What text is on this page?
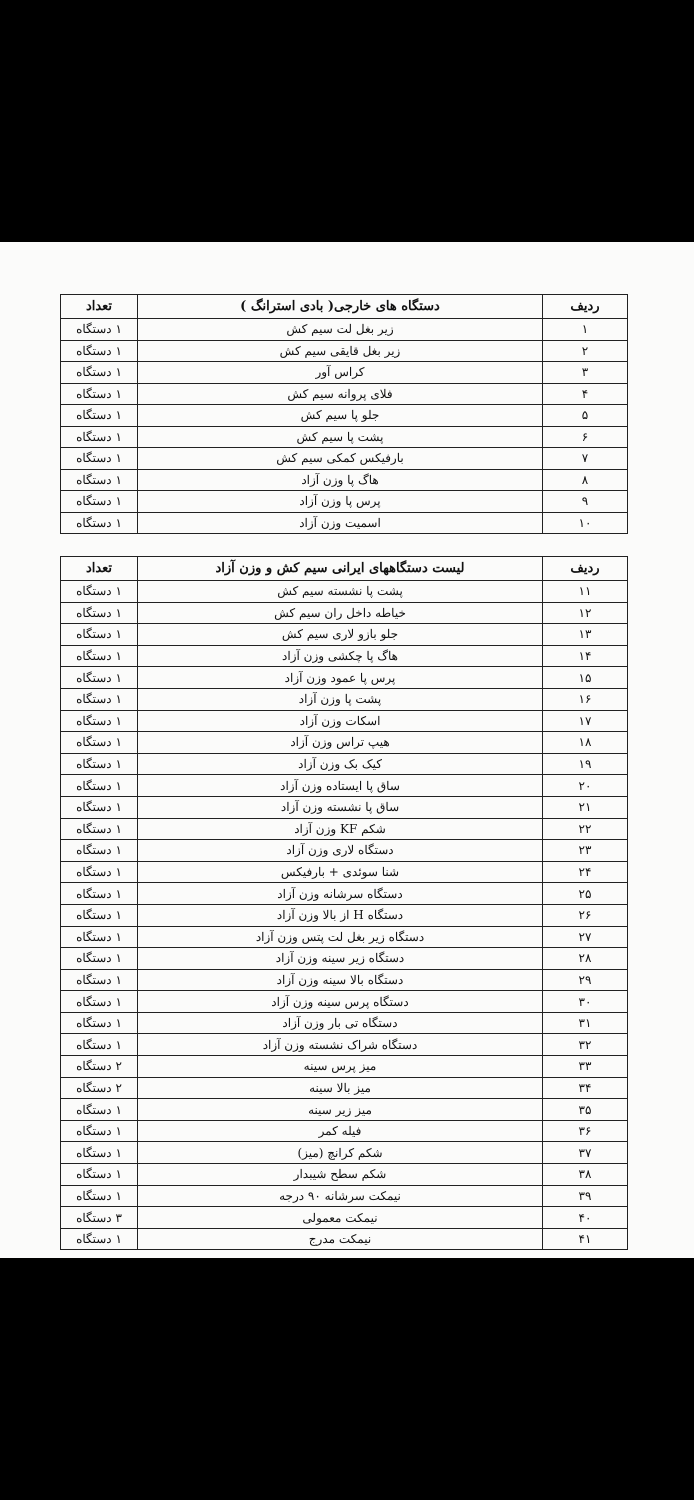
ردیف	دستگاه های خارجی( بادی استرانگ )	تعداد
۱	زیر بغل لت سیم کش	۱ دستگاه
۲	زیر بغل قایقی سیم کش	۱ دستگاه
۳	کراس آور	۱ دستگاه
۴	فلای پروانه سیم کش	۱ دستگاه
۵	جلو پا سیم کش	۱ دستگاه
۶	پشت پا سیم کش	۱ دستگاه
۷	بارفیکس کمکی سیم کش	۱ دستگاه
۸	هاگ پا وزن آزاد	۱ دستگاه
۹	پرس پا وزن آزاد	۱ دستگاه
۱۰	اسمیت وزن آزاد	۱ دستگاه
ردیف	لیست دستگاههای ایرانی سیم کش و وزن آزاد	تعداد
۱۱	پشت پا نشسته سیم کش	۱ دستگاه
۱۲	خیاطه داخل ران سیم کش	۱ دستگاه
۱۳	جلو بازو لاری سیم کش	۱ دستگاه
۱۴	هاگ پا چکشی وزن آزاد	۱ دستگاه
۱۵	پرس پا عمود وزن آزاد	۱ دستگاه
۱۶	پشت پا وزن آزاد	۱ دستگاه
۱۷	اسکات وزن آزاد	۱ دستگاه
۱۸	هیپ تراس وزن آزاد	۱ دستگاه
۱۹	کیک بک وزن آزاد	۱ دستگاه
۲۰	ساق پا ایستاده وزن آزاد	۱ دستگاه
۲۱	ساق پا نشسته وزن آزاد	۱ دستگاه
۲۲	شکم KF وزن آزاد	۱ دستگاه
۲۳	دستگاه لاری وزن آزاد	۱ دستگاه
۲۴	شنا سوئدی + بارفیکس	۱ دستگاه
۲۵	دستگاه سرشانه وزن آزاد	۱ دستگاه
۲۶	دستگاه H از بالا وزن آزاد	۱ دستگاه
۲۷	دستگاه زیر بغل لت پتس وزن آزاد	۱ دستگاه
۲۸	دستگاه زیر سینه وزن آزاد	۱ دستگاه
۲۹	دستگاه بالا سینه وزن آزاد	۱ دستگاه
۳۰	دستگاه پرس سینه وزن آزاد	۱ دستگاه
۳۱	دستگاه تی بار وزن آزاد	۱ دستگاه
۳۲	دستگاه شراک نشسته وزن آزاد	۱ دستگاه
۳۳	میز پرس سینه	۲ دستگاه
۳۴	میز بالا سینه	۲ دستگاه
۳۵	میز زیر سینه	۱ دستگاه
۳۶	فیله کمر	۱ دستگاه
۳۷	شکم کرانچ (میز)	۱ دستگاه
۳۸	شکم سطح شیبدار	۱ دستگاه
۳۹	نیمکت سرشانه ۹۰ درجه	۱ دستگاه
۴۰	نیمکت معمولی	۳ دستگاه
۴۱	نیمکت مدرج	۱ دستگاه
